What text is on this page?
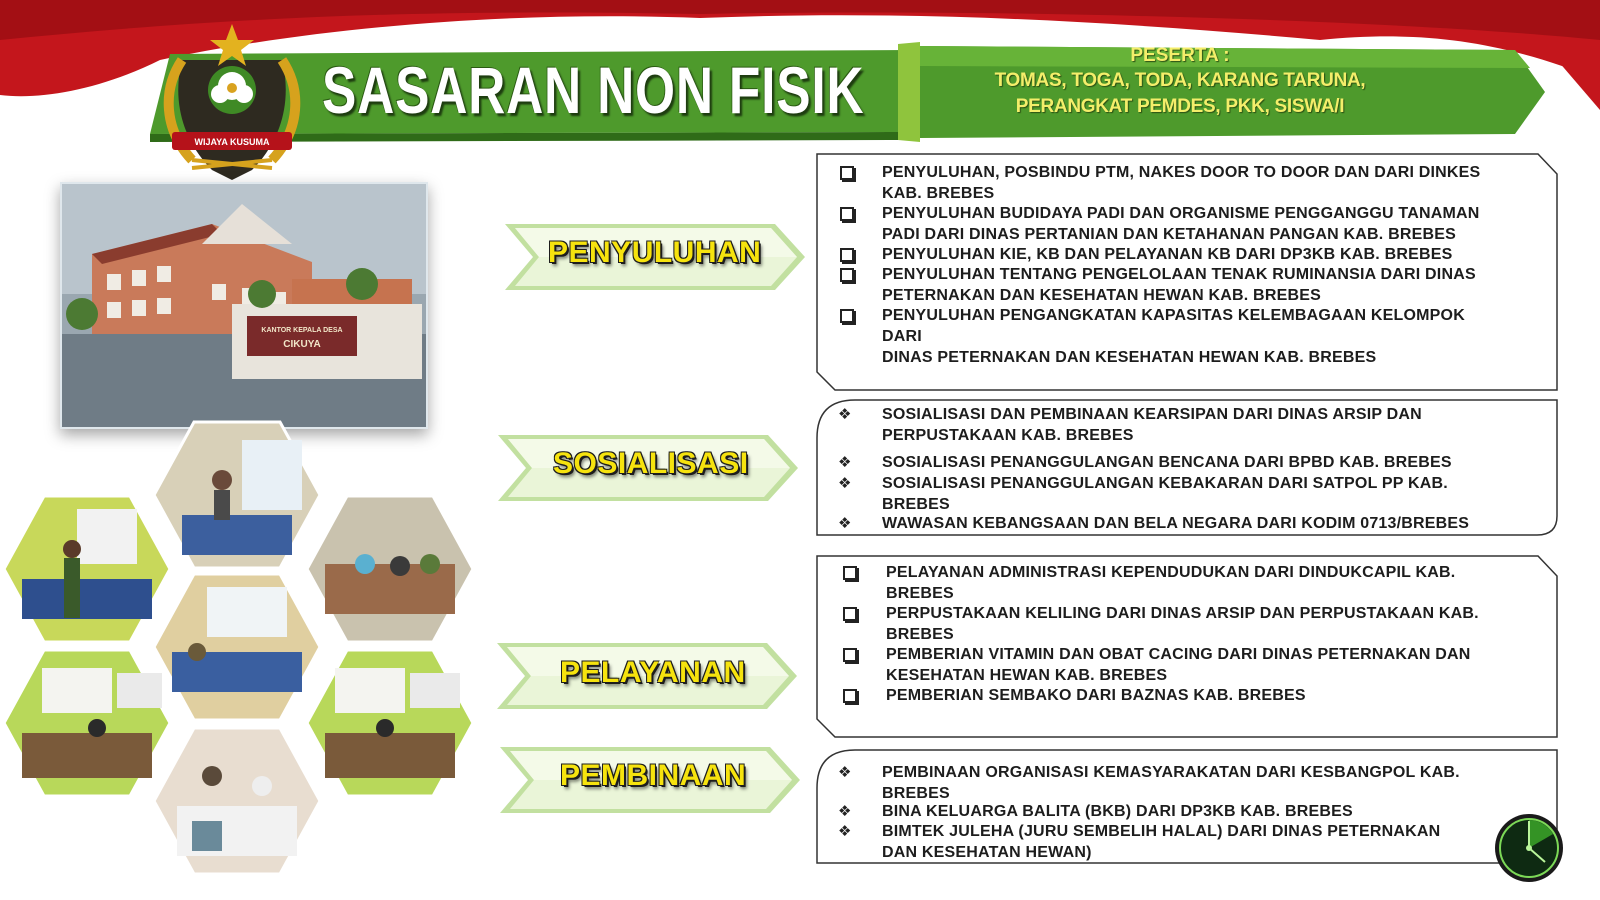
WIJAYA KUSUMA
SASARAN NON FISIK	PESERTA :
TOMAS, TOGA, TODA, KARANG TARUNA,
PERANGKAT PEMDES, PKK, SISWA/I
KANTOR KEPALA DESA
CIKUYA
PENYULUHAN
SOSIALISASI
PELAYANAN
PEMBINAAN
PENYULUHAN, POSBINDU PTM, NAKES DOOR TO DOOR DAN DARI DINKES
KAB. BREBES
PENYULUHAN BUDIDAYA PADI DAN ORGANISME PENGGANGGU TANAMAN
PADI DARI DINAS PERTANIAN DAN KETAHANAN PANGAN KAB. BREBES
PENYULUHAN KIE, KB DAN PELAYANAN KB DARI DP3KB KAB. BREBES
PENYULUHAN TENTANG PENGELOLAAN TENAK RUMINANSIA DARI DINAS
PETERNAKAN DAN KESEHATAN HEWAN KAB. BREBES
PENYULUHAN PENGANGKATAN KAPASITAS KELEMBAGAAN KELOMPOK
DARI
DINAS PETERNAKAN DAN KESEHATAN HEWAN KAB. BREBES
❖ SOSIALISASI DAN PEMBINAAN KEARSIPAN DARI DINAS ARSIP DAN
PERPUSTAKAAN KAB. BREBES
❖ SOSIALISASI PENANGGULANGAN BENCANA DARI BPBD KAB. BREBES
❖ SOSIALISASI PENANGGULANGAN KEBAKARAN DARI SATPOL PP KAB.
BREBES
❖ WAWASAN KEBANGSAAN DAN BELA NEGARA DARI KODIM 0713/BREBES
PELAYANAN ADMINISTRASI KEPENDUDUKAN DARI DINDUKCAPIL KAB.
BREBES
PERPUSTAKAAN KELILING DARI DINAS ARSIP DAN PERPUSTAKAAN KAB.
BREBES
PEMBERIAN VITAMIN DAN OBAT CACING DARI DINAS PETERNAKAN DAN
KESEHATAN HEWAN KAB. BREBES
PEMBERIAN SEMBAKO DARI BAZNAS KAB. BREBES
❖ PEMBINAAN ORGANISASI KEMASYARAKATAN DARI KESBANGPOL KAB.
BREBES
❖ BINA KELUARGA BALITA (BKB) DARI DP3KB KAB. BREBES
❖ BIMTEK JULEHA (JURU SEMBELIH HALAL) DARI DINAS PETERNAKAN
DAN KESEHATAN HEWAN)
